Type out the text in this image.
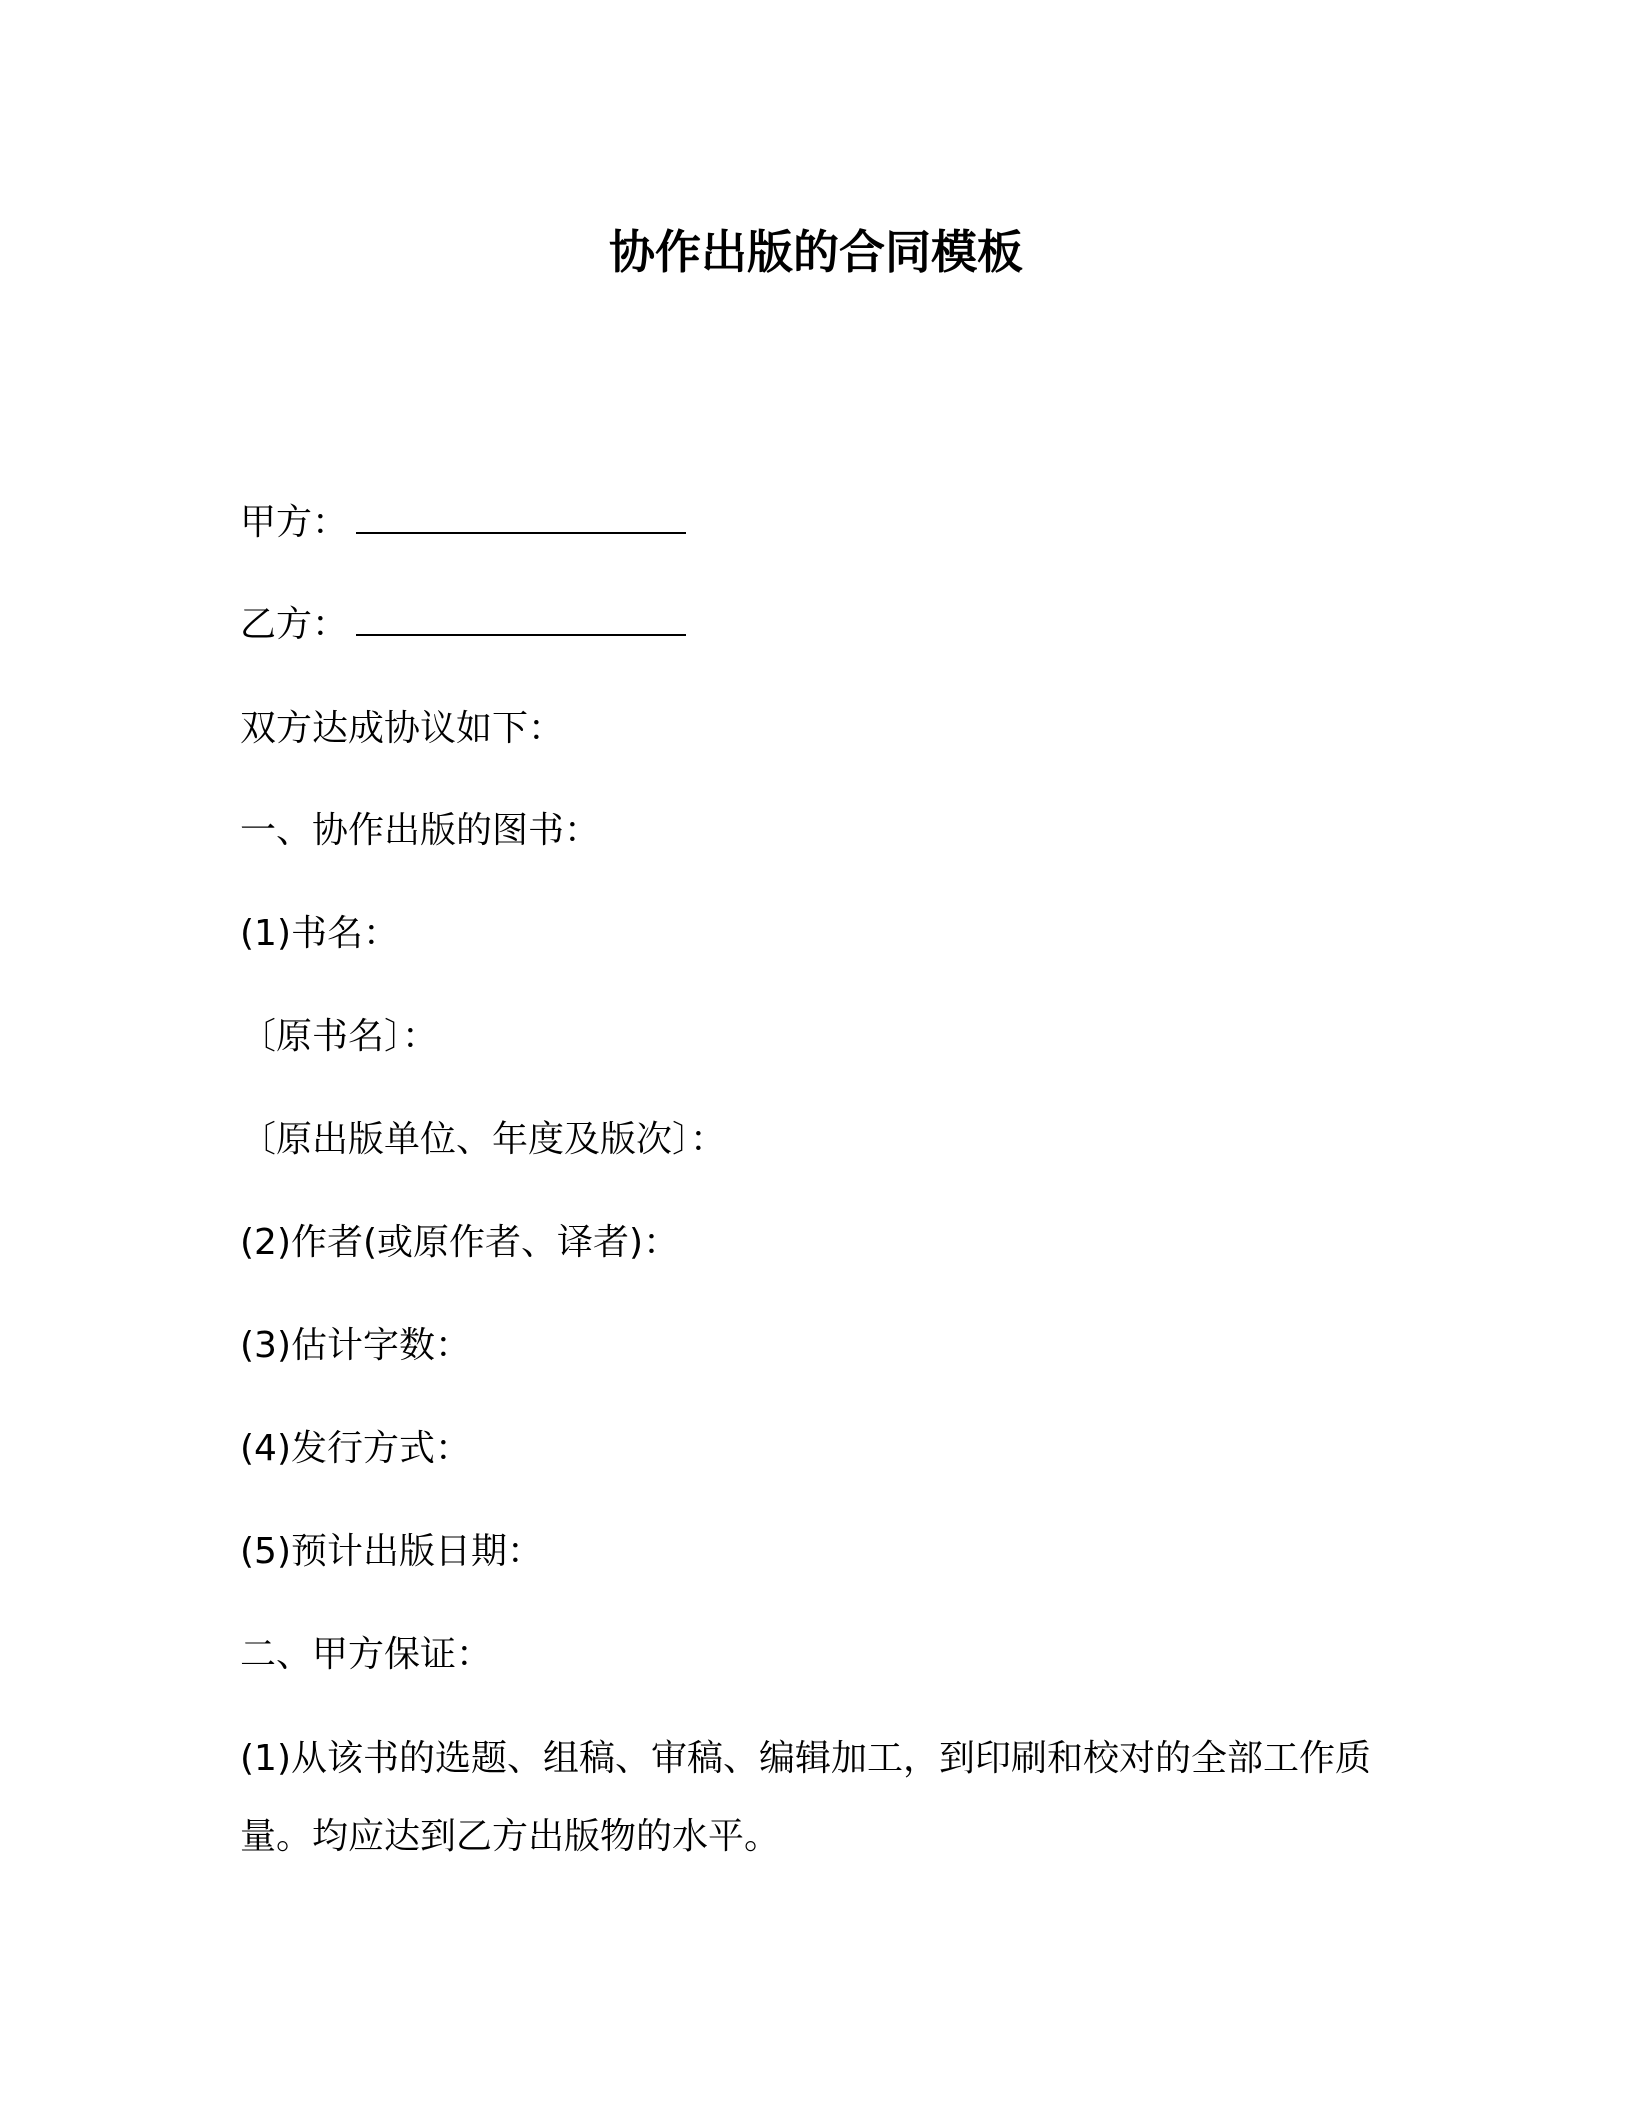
协作出版的合同模板
甲方：
乙方：
双方达成协议如下：
一、协作出版的图书：
(1)书名：
〔原书名〕：
〔原出版单位、年度及版次〕：
(2)作者(或原作者、译者)：
(3)估计字数：
(4)发行方式：
(5)预计出版日期：
二、甲方保证：
(1)从该书的选题、组稿、审稿、编辑加工，到印刷和校对的全部工作质量。均应达到乙方出版物的水平。
